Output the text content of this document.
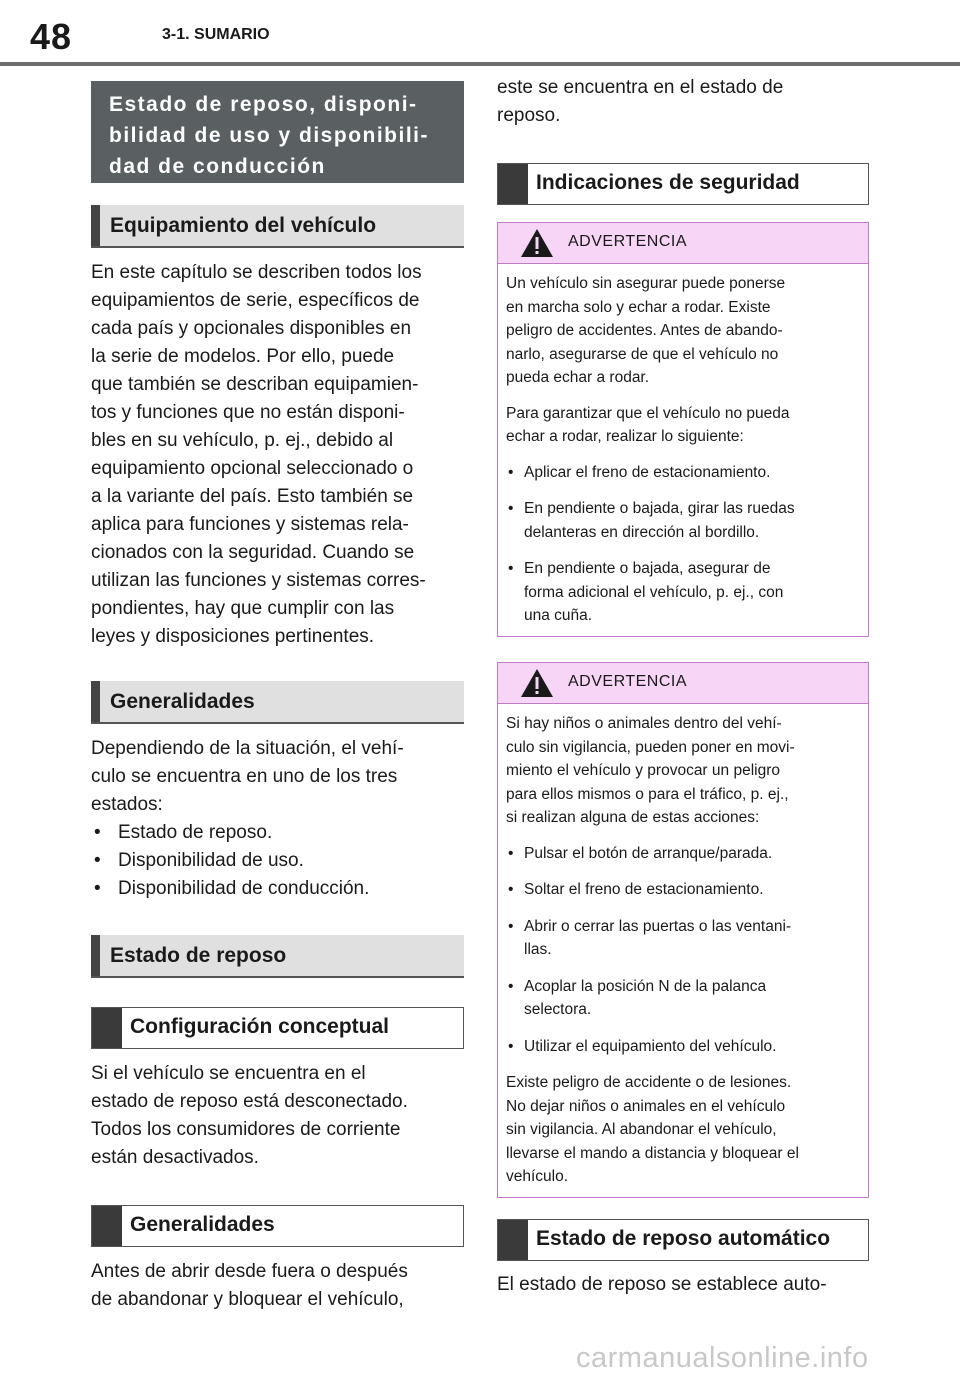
48	3-1. SUMARIO
Estado de reposo, disponi-
bilidad de uso y disponibili-
dad de conducción
Equipamiento del vehículo

En este capítulo se describen todos los

equipamientos de serie, específicos de

cada país y opcionales disponibles en

la serie de modelos. Por ello, puede

que también se describan equipamien-

tos y funciones que no están disponi-

bles en su vehículo, p. ej., debido al

equipamiento opcional seleccionado o

a la variante del país. Esto también se

aplica para funciones y sistemas rela-

cionados con la seguridad. Cuando se

utilizan las funciones y sistemas corres-

pondientes, hay que cumplir con las

leyes y disposiciones pertinentes.

Generalidades

Dependiendo de la situación, el vehí-

culo se encuentra en uno de los tres

estados:

• Estado de reposo.
• Disponibilidad de uso.
• Disponibilidad de conducción.
Estado de reposo
Configuración conceptual

Si el vehículo se encuentra en el

estado de reposo está desconectado.

Todos los consumidores de corriente

están desactivados.

Generalidades

Antes de abrir desde fuera o después

de abandonar y bloquear el vehículo,

este se encuentra en el estado de

reposo.

Indicaciones de seguridad
ADVERTENCIA

Un vehículo sin asegurar puede ponerse
en marcha solo y echar a rodar. Existe
peligro de accidentes. Antes de abando-
narlo, asegurarse de que el vehículo no
pueda echar a rodar.

Para garantizar que el vehículo no pueda
echar a rodar, realizar lo siguiente:

• Aplicar el freno de estacionamiento.
• En pendiente o bajada, girar las ruedas
delanteras en dirección al bordillo.
• En pendiente o bajada, asegurar de
forma adicional el vehículo, p. ej., con
una cuña.
ADVERTENCIA

Si hay niños o animales dentro del vehí-
culo sin vigilancia, pueden poner en movi-
miento el vehículo y provocar un peligro
para ellos mismos o para el tráfico, p. ej.,
si realizan alguna de estas acciones:

• Pulsar el botón de arranque/parada.
• Soltar el freno de estacionamiento.
• Abrir o cerrar las puertas o las ventani-
llas.
• Acoplar la posición N de la palanca
selectora.
• Utilizar el equipamiento del vehículo.

Existe peligro de accidente o de lesiones.
No dejar niños o animales en el vehículo
sin vigilancia. Al abandonar el vehículo,
llevarse el mando a distancia y bloquear el
vehículo.

Estado de reposo automático

El estado de reposo se establece auto-

carmanualsonline.info
